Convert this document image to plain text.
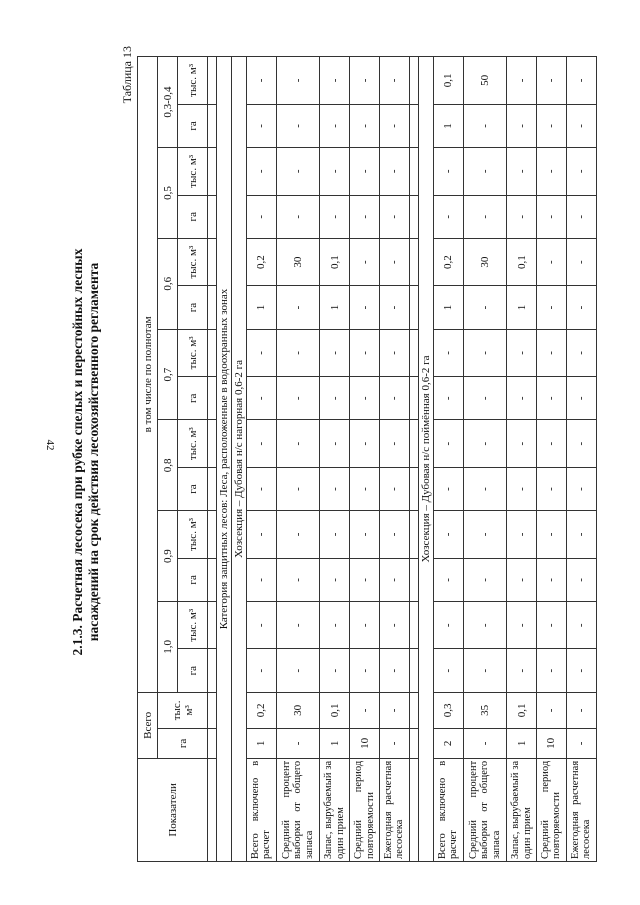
42 2.1.3. Расчетная лесосека при рубке спелых и перестойных лесных насаждений на срок действия лесохозяйственного регламента
Таблица 13
Показатели	Всего		в том числе по полнотам													
	га	тыс. м³	1,0		0,9		0,8		0,7		0,6		0,5		0,3-0,4	
			га	тыс. м³	га	тыс. м³	га	тыс. м³	га	тыс. м³	га	тыс. м³	га	тыс. м³	га	тыс. м³

Категория защитных лесов: Леса, расположенные в водоохранных зонах																
Хозсекция – Дубовая н/с нагорная 0,6-2 га																
Всего включено в расчет	1	0,2	-	-	-	-	-	-	-	-	1	0,2	-	-	-	-
Средний процент выборки от общего запаса	-	30	-	-	-	-	-	-	-	-	-	30	-	-	-	-
Запас, вырубаемый за один прием	1	0,1	-	-	-	-	-	-	-	-	1	0,1	-	-	-	-
Средний период повторяемости	10	-	-	-	-	-	-	-	-	-	-	-	-	-	-	-
Ежегодная расчетная лесосека	-	-	-	-	-	-	-	-	-	-	-	-	-	-	-	-

Хозсекция – Дубовая н/с поймённая 0,6-2 га																
Всего включено в расчет	2	0,3	-	-	-	-	-	-	-	-	1	0,2	-	-	1	0,1
Средний процент выборки от общего запаса	-	35	-	-	-	-	-	-	-	-	-	30	-	-	-	50
Запас, вырубаемый за один прием	1	0,1	-	-	-	-	-	-	-	-	1	0,1	-	-	-	-
Средний период повторяемости	10	-	-	-	-	-	-	-	-	-	-	-	-	-	-	-
Ежегодная расчетная лесосека	-	-	-	-	-	-	-	-	-	-	-	-	-	-	-	-
